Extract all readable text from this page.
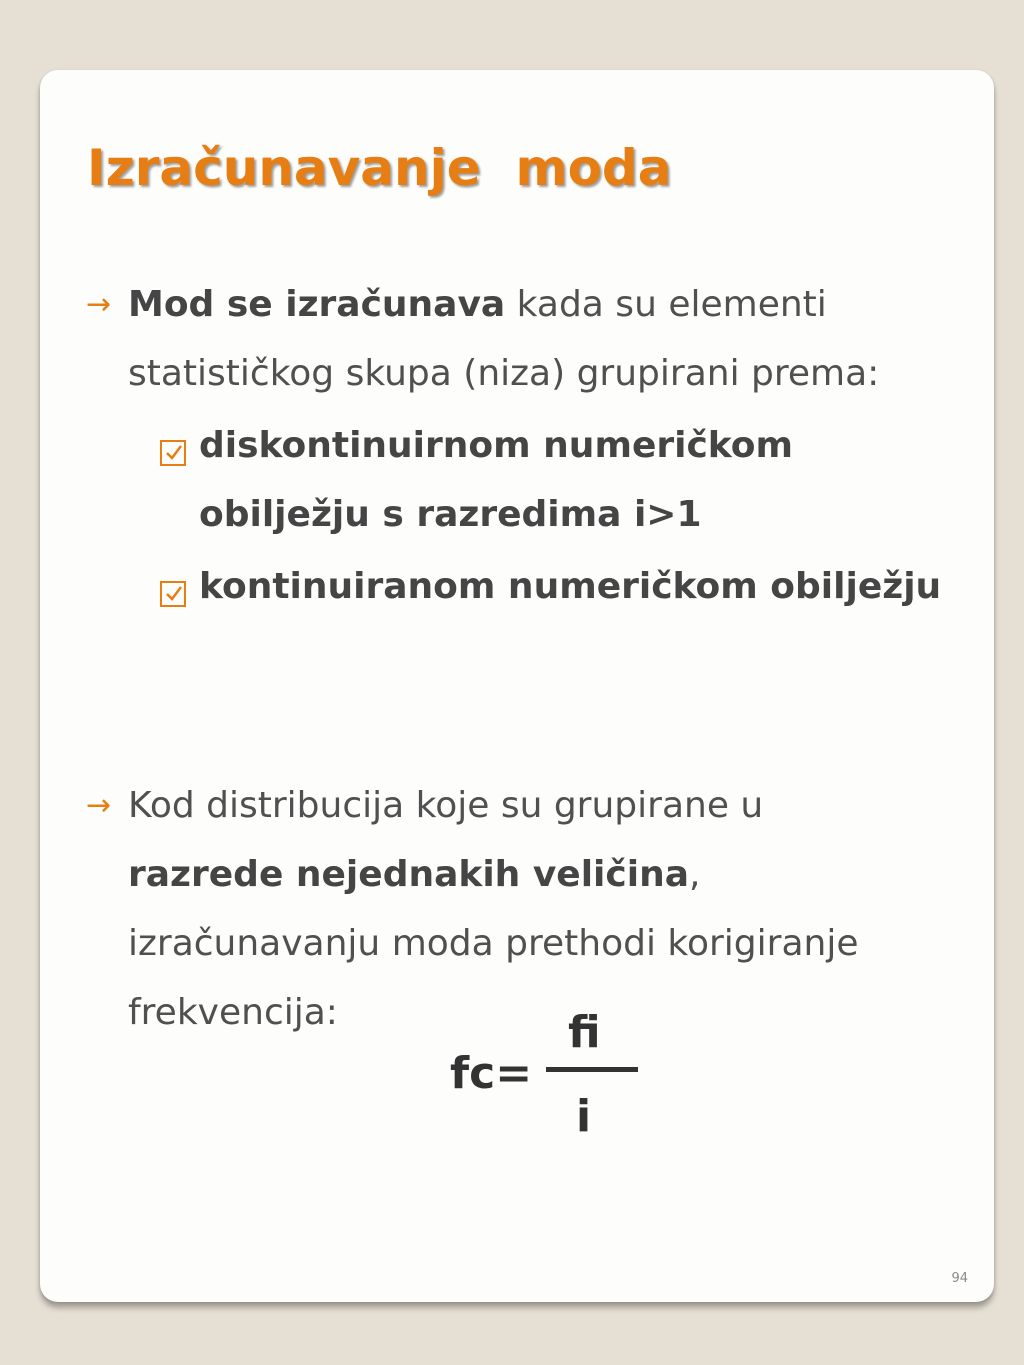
Izračunavanje  moda
→ Mod se izračunava kada su elementi statističkog skupa (niza) grupirani prema:
diskontinuirnom numeričkom obilježju s razredima i>1
kontinuiranom numeričkom obilježju
→ Kod distribucija koje su grupirane u razrede nejednakih veličina, izračunavanju moda prethodi korigiranje frekvencija:
fc=
fi
i
94
